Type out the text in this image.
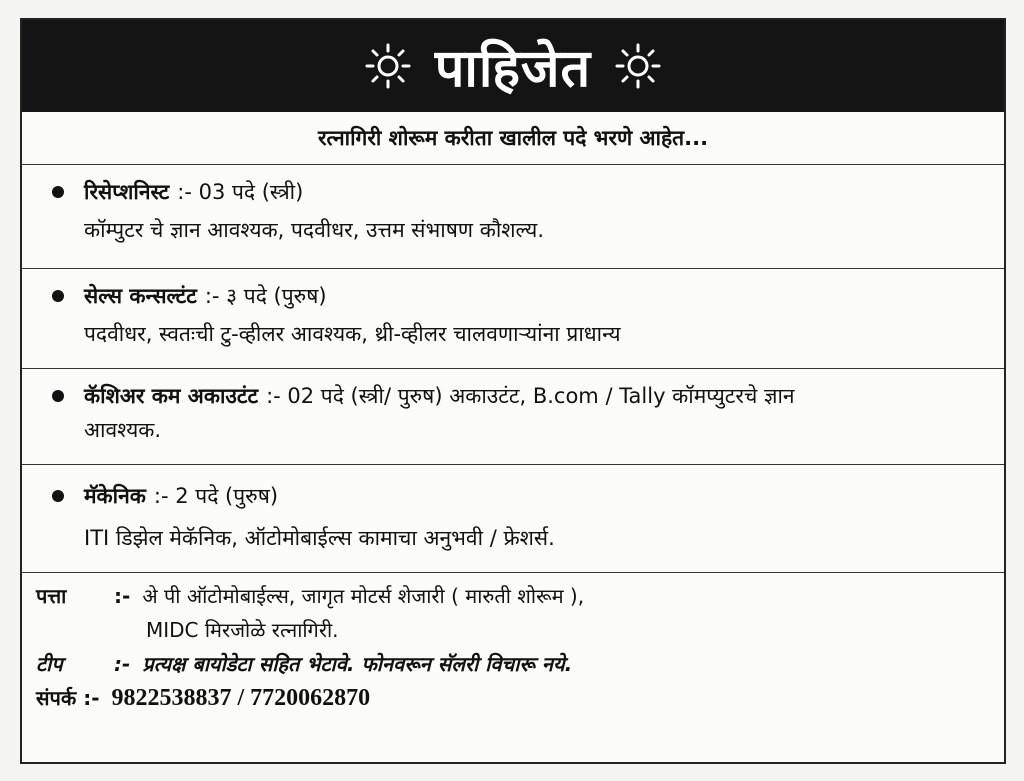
पाहिजेत
रत्नागिरी शोरूम करीता खालील पदे भरणे आहेत...
रिसेप्शनिस्ट :- 03 पदे (स्त्री)
कॉम्पुटर चे ज्ञान आवश्यक, पदवीधर, उत्तम संभाषण कौशल्य.
सेल्स कन्सल्टंट :- ३ पदे (पुरुष)
पदवीधर, स्वतःची टु-व्हीलर आवश्यक, थ्री-व्हीलर चालवणाऱ्यांना प्राधान्य
कॅशिअर कम अकाउटंट :- 02 पदे (स्त्री/ पुरुष) अकाउटंट, B.com / Tally कॉमप्युटरचे ज्ञान
आवश्यक.
मॅकेनिक :- 2 पदे (पुरुष)
ITI डिझेल मेकॅनिक, ऑटोमोबाईल्स कामाचा अनुभवी / फ्रेशर्स.
पत्ता	:- अे पी ऑटोमोबाईल्स, जागृत मोटर्स शेजारी ( मारुती शोरूम ),
MIDC मिरजोळे रत्नागिरी.
टीप	:- प्रत्यक्ष बायोडेटा सहित भेटावे. फोनवरून सॅलरी विचारू नये.
संपर्क :- 9822538837 / 7720062870
